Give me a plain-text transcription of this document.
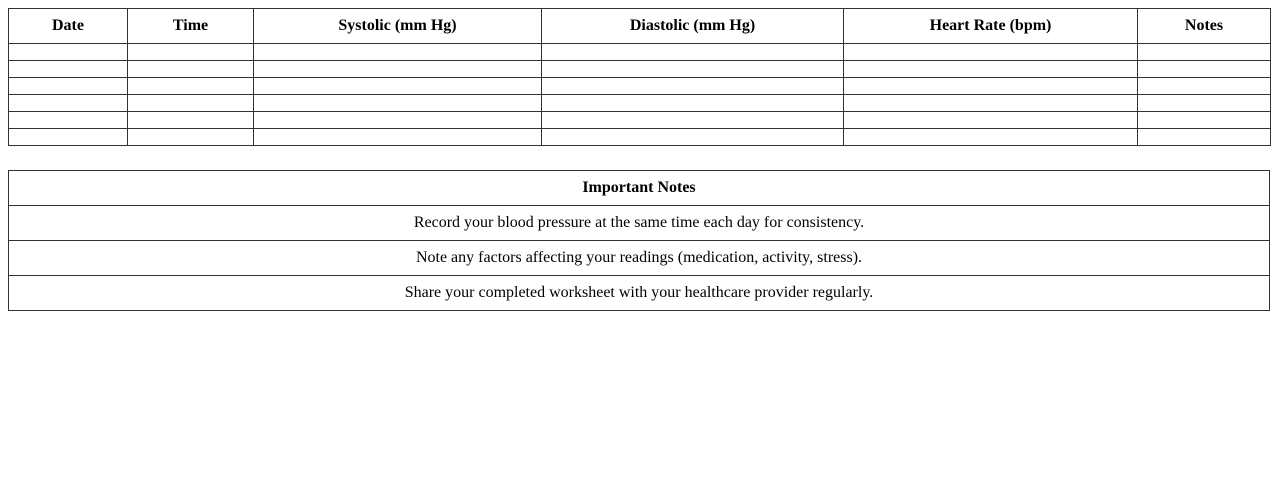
Date	Time	Systolic (mm Hg)	Diastolic (mm Hg)	Heart Rate (bpm)	Notes

Important Notes
Record your blood pressure at the same time each day for consistency.
Note any factors affecting your readings (medication, activity, stress).
Share your completed worksheet with your healthcare provider regularly.
